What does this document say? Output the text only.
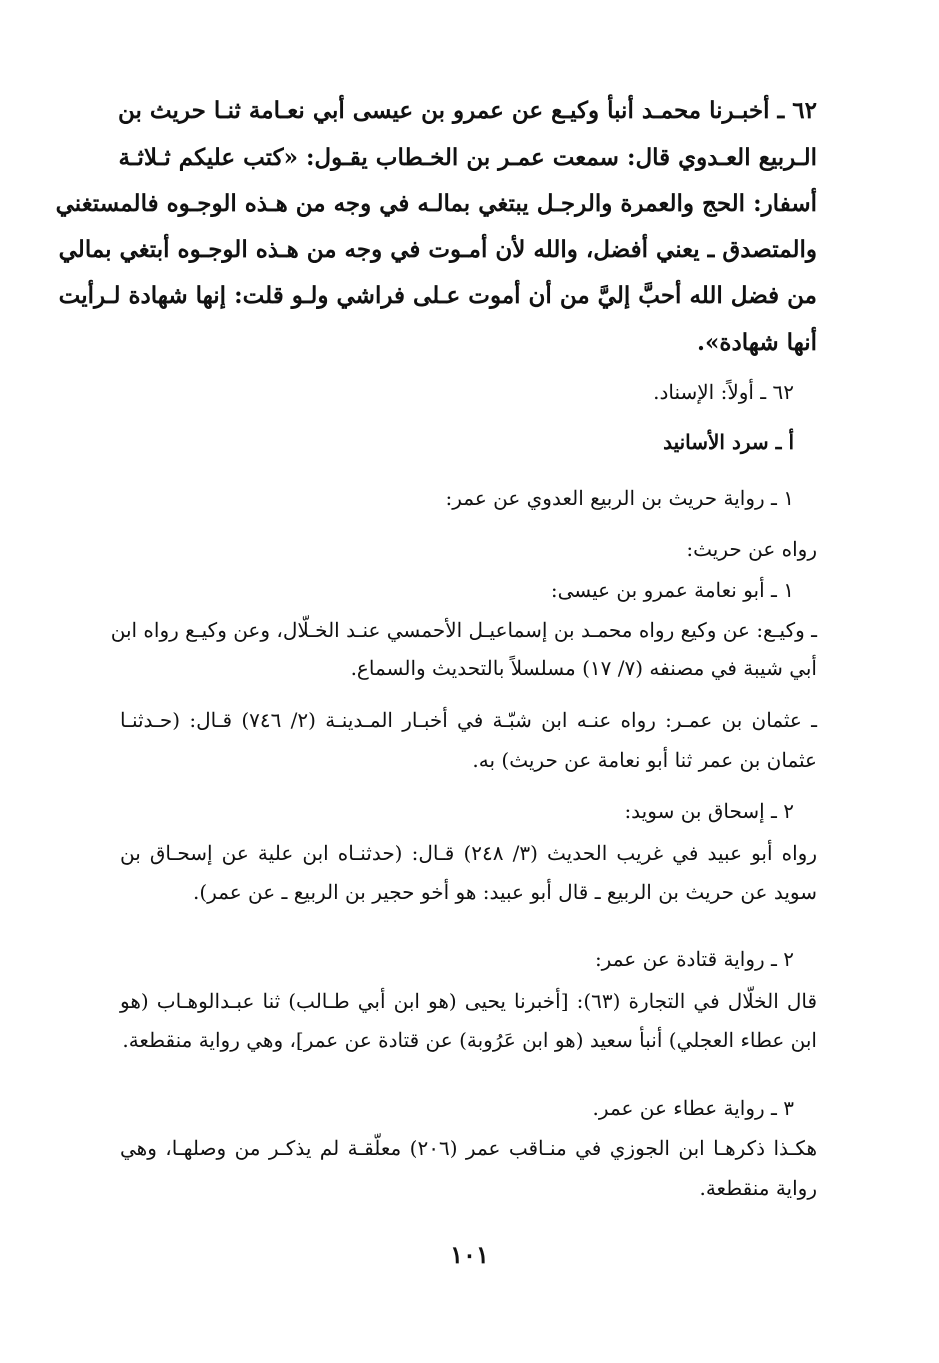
٦٢ ـ أخبـرنا محمـد أنبأ وكيـع عن عمرو بن عيسى أبي نعـامة ثنـا حريث بن
الـربيع العـدوي قال: سمعت عمـر بن الخـطاب يقـول: «كتب عليكم ثـلاثـة
أسفار: الحج والعمرة والرجـل يبتغي بمالـه في وجه من هـذه الوجـوه فالمستغني
والمتصدق ـ يعني أفضل، والله لأن أمـوت في وجه من هـذه الوجـوه أبتغي بمالي
من فضل الله أحبَّ إليَّ من أن أموت عـلى فراشي ولـو قلت: إنها شهادة لـرأيت
أنها شهادة».
٦٢ ـ أولاً: الإسناد.
أ ـ سرد الأسانيد
١ ـ رواية حريث بن الربيع العدوي عن عمر:
رواه عن حريث:
١ ـ أبو نعامة عمرو بن عيسى:
ـ وكيـع: عن وكيع رواه محمـد بن إسماعيـل الأحمسي عنـد الخـلّال، وعن وكيـع رواه ابن
أبي شيبة في مصنفه (٧/ ١٧) مسلسلاً بالتحديث والسماع.
ـ عثمان بن عمـر: رواه عنـه ابن شبّـة في أخبـار المـدينـة (٢/ ٧٤٦) قـال: (حـدثنـا
عثمان بن عمر ثنا أبو نعامة عن حريث) به.
٢ ـ إسحاق بن سويد:
رواه أبو عبيد في غريب الحديث (٣/ ٢٤٨) قـال: (حدثنـاه ابن علية عن إسحـاق بن
سويد عن حريث بن الربيع ـ قال أبو عبيد: هو أخو حجير بن الربيع ـ عن عمر).
٢ ـ رواية قتادة عن عمر:
قال الخلّال في التجارة (٦٣): [أخبرنا يحيى (هو ابن أبي طـالب) ثنا عبـدالوهـاب (هو
ابن عطاء العجلي) أنبأ سعيد (هو ابن عَرُوبة) عن قتادة عن عمر]، وهي رواية منقطعة.
٣ ـ رواية عطاء عن عمر.
هكـذا ذكرهـا ابن الجوزي في منـاقب عمر (٢٠٦) معلّقـة لم يذكـر من وصلهـا، وهي
رواية منقطعة.
١٠١
